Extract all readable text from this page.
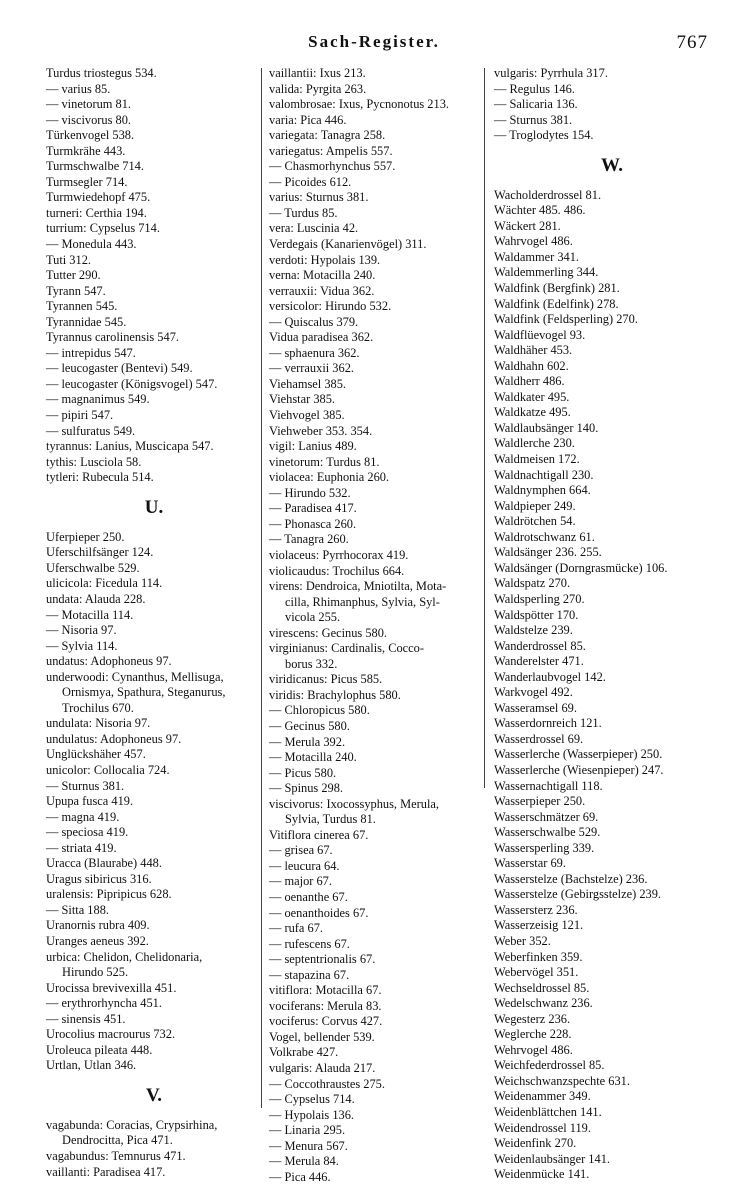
Sach-Register.	767
Turdus triostegus 534.
— varius 85.
— vinetorum 81.
— viscivorus 80.
Türkenvogel 538.
Turmkrähe 443.
Turmschwalbe 714.
Turmsegler 714.
Turmwiedehopf 475.
turneri: Certhia 194.
turrium: Cypselus 714.
— Monedula 443.
Tuti 312.
Tutter 290.
Tyrann 547.
Tyrannen 545.
Tyrannidae 545.
Tyrannus carolinensis 547.
— intrepidus 547.
— leucogaster (Bentevi) 549.
— leucogaster (Königsvogel) 547.
— magnanimus 549.
— pipiri 547.
— sulfuratus 549.
tyrannus: Lanius, Muscicapa 547.
tythis: Lusciola 58.
tytleri: Rubecula 514.
U.
Uferpieper 250.
Uferschilfsänger 124.
Uferschwalbe 529.
ulicicola: Ficedula 114.
undata: Alauda 228.
— Motacilla 114.
— Nisoria 97.
— Sylvia 114.
undatus: Adophoneus 97.
underwoodi: Cynanthus, Mellisuga,
Ornismya, Spathura, Steganurus,
Trochilus 670.
undulata: Nisoria 97.
undulatus: Adophoneus 97.
Unglückshäher 457.
unicolor: Collocalia 724.
— Sturnus 381.
Upupa fusca 419.
— magna 419.
— speciosa 419.
— striata 419.
Uracca (Blaurabe) 448.
Uragus sibiricus 316.
uralensis: Pipripicus 628.
— Sitta 188.
Uranornis rubra 409.
Uranges aeneus 392.
urbica: Chelidon, Chelidonaria,
Hirundo 525.
Urocissa brevivexilla 451.
— erythrorhyncha 451.
— sinensis 451.
Urocolius macrourus 732.
Uroleuca pileata 448.
Urtlan, Utlan 346.
V.
vagabunda: Coracias, Crypsirhina,
Dendrocitta, Pica 471.
vagabundus: Temnurus 471.
vaillanti: Paradisea 417.
vaillantii: Ixus 213.
valida: Pyrgita 263.
valombrosae: Ixus, Pycnonotus 213.
varia: Pica 446.
variegata: Tanagra 258.
variegatus: Ampelis 557.
— Chasmorhynchus 557.
— Picoides 612.
varius: Sturnus 381.
— Turdus 85.
vera: Luscinia 42.
Verdegais (Kanarienvögel) 311.
verdoti: Hypolais 139.
verna: Motacilla 240.
verrauxii: Vidua 362.
versicolor: Hirundo 532.
— Quiscalus 379.
Vidua paradisea 362.
— sphaenura 362.
— verrauxii 362.
Viehamsel 385.
Viehstar 385.
Viehvogel 385.
Viehweber 353. 354.
vigil: Lanius 489.
vinetorum: Turdus 81.
violacea: Euphonia 260.
— Hirundo 532.
— Paradisea 417.
— Phonasca 260.
— Tanagra 260.
violaceus: Pyrrhocorax 419.
violicaudus: Trochilus 664.
virens: Dendroica, Mniotilta, Mota-
cilla, Rhimanphus, Sylvia, Syl-
vicola 255.
virescens: Gecinus 580.
virginianus: Cardinalis, Cocco-
borus 332.
viridicanus: Picus 585.
viridis: Brachylophus 580.
— Chloropicus 580.
— Gecinus 580.
— Merula 392.
— Motacilla 240.
— Picus 580.
— Spinus 298.
viscivorus: Ixocossyphus, Merula,
Sylvia, Turdus 81.
Vitiflora cinerea 67.
— grisea 67.
— leucura 64.
— major 67.
— oenanthe 67.
— oenanthoides 67.
— rufa 67.
— rufescens 67.
— septentrionalis 67.
— stapazina 67.
vitiflora: Motacilla 67.
vociferans: Merula 83.
vociferus: Corvus 427.
Vogel, bellender 539.
Volkrabe 427.
vulgaris: Alauda 217.
— Coccothraustes 275.
— Cypselus 714.
— Hypolais 136.
— Linaria 295.
— Menura 567.
— Merula 84.
— Pica 446.
vulgaris: Pyrrhula 317.
— Regulus 146.
— Salicaria 136.
— Sturnus 381.
— Troglodytes 154.
W.
Wacholderdrossel 81.
Wächter 485. 486.
Wäckert 281.
Wahrvogel 486.
Waldammer 341.
Waldemmerling 344.
Waldfink (Bergfink) 281.
Waldfink (Edelfink) 278.
Waldfink (Feldsperling) 270.
Waldflüevogel 93.
Waldhäher 453.
Waldhahn 602.
Waldherr 486.
Waldkater 495.
Waldkatze 495.
Waldlaubsänger 140.
Waldlerche 230.
Waldmeisen 172.
Waldnachtigall 230.
Waldnymphen 664.
Waldpieper 249.
Waldrötchen 54.
Waldrotschwanz 61.
Waldsänger 236. 255.
Waldsänger (Dorngrasmücke) 106.
Waldspatz 270.
Waldsperling 270.
Waldspötter 170.
Waldstelze 239.
Wanderdrossel 85.
Wanderelster 471.
Wanderlaubvogel 142.
Warkvogel 492.
Wasseramsel 69.
Wasserdornreich 121.
Wasserdrossel 69.
Wasserlerche (Wasserpieper) 250.
Wasserlerche (Wiesenpieper) 247.
Wassernachtigall 118.
Wasserpieper 250.
Wasserschmätzer 69.
Wasserschwalbe 529.
Wassersperling 339.
Wasserstar 69.
Wasserstelze (Bachstelze) 236.
Wasserstelze (Gebirgsstelze) 239.
Wassersterz 236.
Wasserzeisig 121.
Weber 352.
Weberfinken 359.
Webervögel 351.
Wechseldrossel 85.
Wedelschwanz 236.
Wegesterz 236.
Weglerche 228.
Wehrvogel 486.
Weichfederdrossel 85.
Weichschwanzspechte 631.
Weidenammer 349.
Weidenblättchen 141.
Weidendrossel 119.
Weidenfink 270.
Weidenlaubsänger 141.
Weidenmücke 141.
